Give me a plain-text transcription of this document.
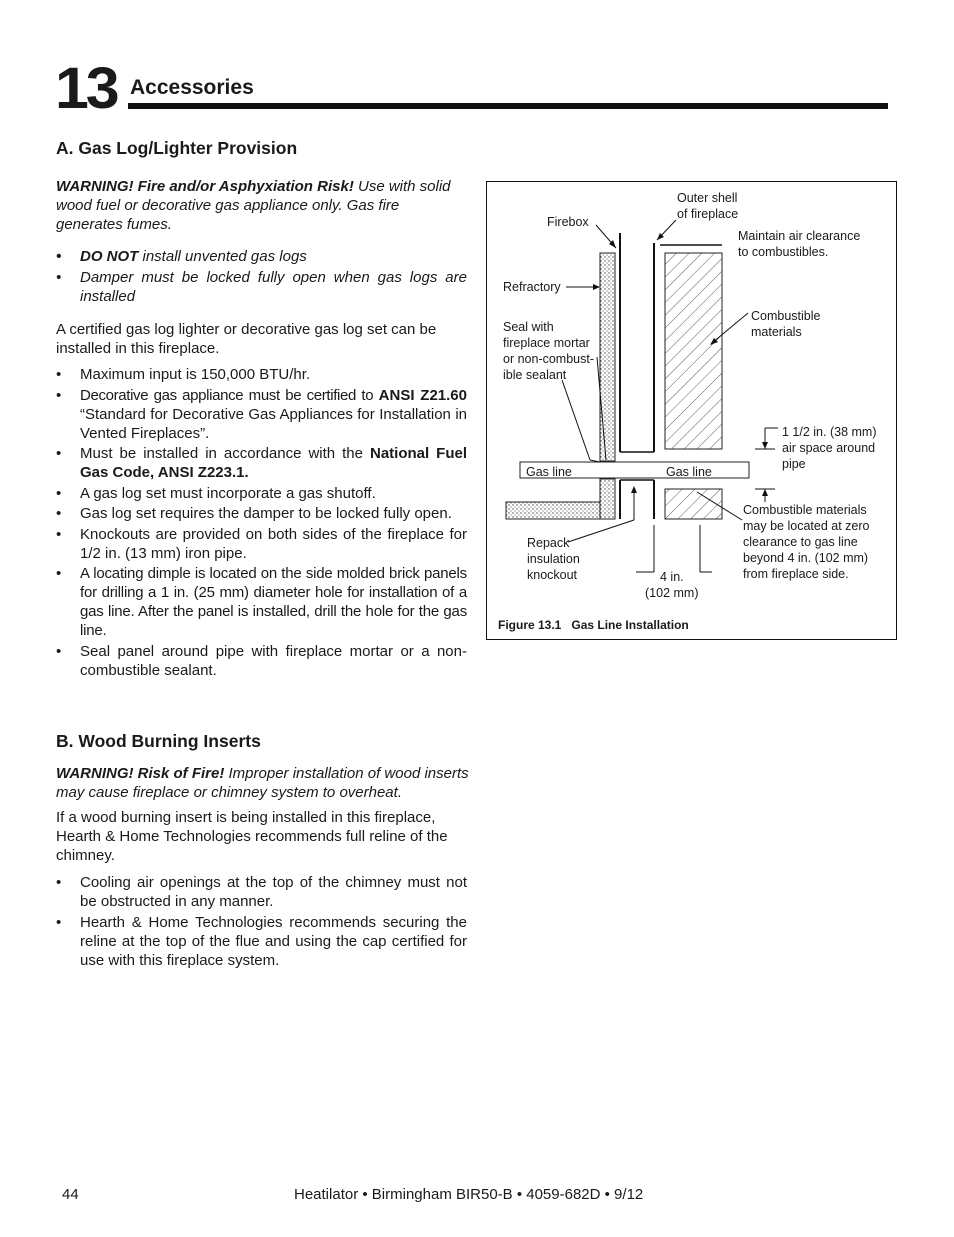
13 Accessories
A. Gas Log/Lighter Provision
WARNING! Fire and/or Asphyxiation Risk! Use with solid wood fuel or decorative gas appliance only. Gas fire generates fumes.
• DO NOT install unvented gas logs
• Damper must be locked fully open when gas logs are installed
A certified gas log lighter or decorative gas log set can be installed in this fireplace.
• Maximum input is 150,000 BTU/hr.
• Decorative gas appliance must be certified to ANSI Z21.60 “Standard for Decorative Gas Appliances for Installation in Vented Fireplaces”.
• Must be installed in accordance with the National Fuel Gas Code, ANSI Z223.1.
• A gas log set must incorporate a gas shutoff.
• Gas log set requires the damper to be locked fully open.
• Knockouts are provided on both sides of the fireplace for 1/2 in. (13 mm) iron pipe.
• A locating dimple is located on the side molded brick panels for drilling a 1 in. (25 mm) diameter hole for installation of a gas line. After the panel is installed, drill the hole for the gas line.
• Seal panel around pipe with fireplace mortar or a non-combustible sealant.
B. Wood Burning Inserts
WARNING! Risk of Fire! Improper installation of wood inserts may cause fireplace or chimney system to overheat.
If a wood burning insert is being installed in this fireplace, Hearth & Home Technologies recommends full reline of the chimney.
• Cooling air openings at the top of the chimney must not be obstructed in any manner.
• Hearth & Home Technologies recommends securing the reline at the top of the flue and using the cap certified for use with this fireplace system.
Firebox
Outer shell
of fireplace
Maintain air clearance
to combustibles.
Refractory
Combustible
materials
Seal with
fireplace mortar
or non-combust-
ible sealant
1 1/2 in. (38 mm)
air space around
pipe
Gas line	Gas line
Combustible materials
may be located at zero
clearance to gas line
beyond 4 in. (102 mm)
from fireplace side.
Repack
insulation
knockout	4 in.
(102 mm)
Figure 13.1 Gas Line Installation
44	Heatilator • Birmingham BIR50-B • 4059-682D • 9/12
